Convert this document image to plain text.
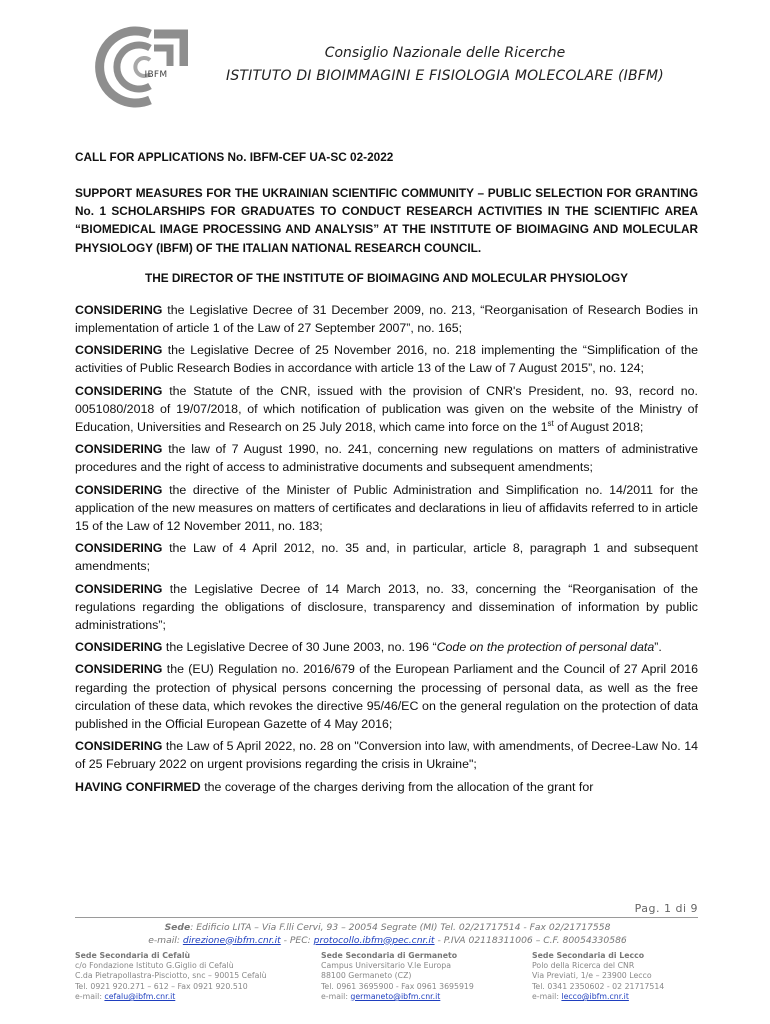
IBFM
Consiglio Nazionale delle Ricerche
ISTITUTO DI BIOIMMAGINI E FISIOLOGIA MOLECOLARE (IBFM)
CALL FOR APPLICATIONS No. IBFM-CEF UA-SC 02-2022
SUPPORT MEASURES FOR THE UKRAINIAN SCIENTIFIC COMMUNITY – PUBLIC SELECTION FOR GRANTING No. 1 SCHOLARSHIPS FOR GRADUATES TO CONDUCT RESEARCH ACTIVITIES IN THE SCIENTIFIC AREA “BIOMEDICAL IMAGE PROCESSING AND ANALYSIS” AT THE INSTITUTE OF BIOIMAGING AND MOLECULAR PHYSIOLOGY (IBFM) OF THE ITALIAN NATIONAL RESEARCH COUNCIL.
THE DIRECTOR OF THE INSTITUTE OF BIOIMAGING AND MOLECULAR PHYSIOLOGY

CONSIDERING the Legislative Decree of 31 December 2009, no. 213, “Reorganisation of Research Bodies in implementation of article 1 of the Law of 27 September 2007”, no. 165;

CONSIDERING the Legislative Decree of 25 November 2016, no. 218 implementing the “Simplification of the activities of Public Research Bodies in accordance with article 13 of the Law of 7 August 2015”, no. 124;

CONSIDERING the Statute of the CNR, issued with the provision of CNR's President, no. 93, record no. 0051080/2018 of 19/07/2018, of which notification of publication was given on the website of the Ministry of Education, Universities and Research on 25 July 2018, which came into force on the 1st of August 2018;

CONSIDERING the law of 7 August 1990, no. 241, concerning new regulations on matters of administrative procedures and the right of access to administrative documents and subsequent amendments;

CONSIDERING the directive of the Minister of Public Administration and Simplification no. 14/2011 for the application of the new measures on matters of certificates and declarations in lieu of affidavits referred to in article 15 of the Law of 12 November 2011, no. 183;

CONSIDERING the Law of 4 April 2012, no. 35 and, in particular, article 8, paragraph 1 and subsequent amendments;

CONSIDERING the Legislative Decree of 14 March 2013, no. 33, concerning the “Reorganisation of the regulations regarding the obligations of disclosure, transparency and dissemination of information by public administrations”;

CONSIDERING the Legislative Decree of 30 June 2003, no. 196 “Code on the protection of personal data”.

CONSIDERING the (EU) Regulation no. 2016/679 of the European Parliament and the Council of 27 April 2016 regarding the protection of physical persons concerning the processing of personal data, as well as the free circulation of these data, which revokes the directive 95/46/EC on the general regulation on the protection of data published in the Official European Gazette of 4 May 2016;

CONSIDERING the Law of 5 April 2022, no. 28 on "Conversion into law, with amendments, of Decree-Law No. 14 of 25 February 2022 on urgent provisions regarding the crisis in Ukraine";

HAVING CONFIRMED the coverage of the charges deriving from the allocation of the grant for

Pag. 1 di 9
Sede: Edificio LITA – Via F.lli Cervi, 93 – 20054 Segrate (MI) Tel. 02/21717514 - Fax 02/21717558
e-mail: direzione@ibfm.cnr.it - PEC: protocollo.ibfm@pec.cnr.it - P.IVA 02118311006 – C.F. 80054330586
Sede Secondaria di Cefalù
c/o Fondazione Istituto G.Giglio di Cefalù
C.da Pietrapollastra-Pisciotto, snc – 90015 Cefalù
Tel. 0921 920.271 – 612 – Fax 0921 920.510
e-mail: cefalu@ibfm.cnr.it
Sede Secondaria di Germaneto
Campus Universitario V.le Europa
88100 Germaneto (CZ)
Tel. 0961 3695900 - Fax 0961 3695919
e-mail: germaneto@ibfm.cnr.it
Sede Secondaria di Lecco
Polo della Ricerca del CNR
Via Previati, 1/e – 23900 Lecco
Tel. 0341 2350602 - 02 21717514
e-mail: lecco@ibfm.cnr.it
